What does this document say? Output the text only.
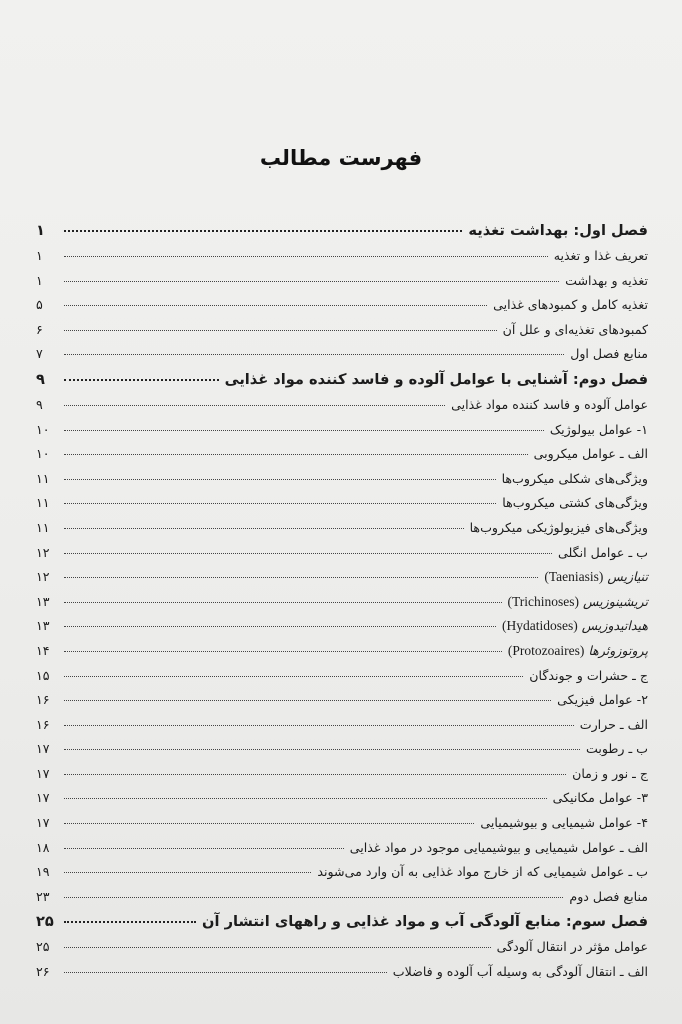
فهرست مطالب
فصل اول: بهداشت تغذیه
۱
تعریف غذا و تغذیه
۱
تغذیه و بهداشت
۱
تغذیه کامل و کمبودهای غذایی
۵
کمبودهای تغذیه‌ای و علل آن
۶
منابع فصل اول
۷
فصل دوم: آشنایی با عوامل آلوده و فاسد کننده مواد غذایی
۹
عوامل آلوده و فاسد کننده مواد غذایی
۹
۱- عوامل بیولوژیک
۱۰
الف ـ عوامل میکروبی
۱۰
ویژگی‌های شکلی میکروب‌ها
۱۱
ویژگی‌های کشتی میکروب‌ها
۱۱
ویژگی‌های فیزیولوژیکی میکروب‌ها
۱۱
ب ـ عوامل انگلی
۱۲
تنیازیس (Taeniasis)
۱۲
تریشینوزیس (Trichinoses)
۱۳
هیداتیدوزیس (Hydatidoses)
۱۳
پروتوزوئرها (Protozoaires)
۱۴
ج ـ حشرات و جوندگان
۱۵
۲- عوامل فیزیکی
۱۶
الف ـ حرارت
۱۶
ب ـ رطوبت
۱۷
ج ـ نور و زمان
۱۷
۳- عوامل مکانیکی
۱۷
۴- عوامل شیمیایی و بیوشیمیایی
۱۷
الف ـ عوامل شیمیایی و بیوشیمیایی موجود در مواد غذایی
۱۸
ب ـ عوامل شیمیایی که از خارج مواد غذایی به آن وارد می‌شوند
۱۹
منابع فصل دوم
۲۳
فصل سوم: منابع آلودگی آب و مواد غذایی و راههای انتشار آن
۲۵
عوامل مؤثر در انتقال آلودگی
۲۵
الف ـ انتقال آلودگی به وسیله آب آلوده و فاضلاب
۲۶
